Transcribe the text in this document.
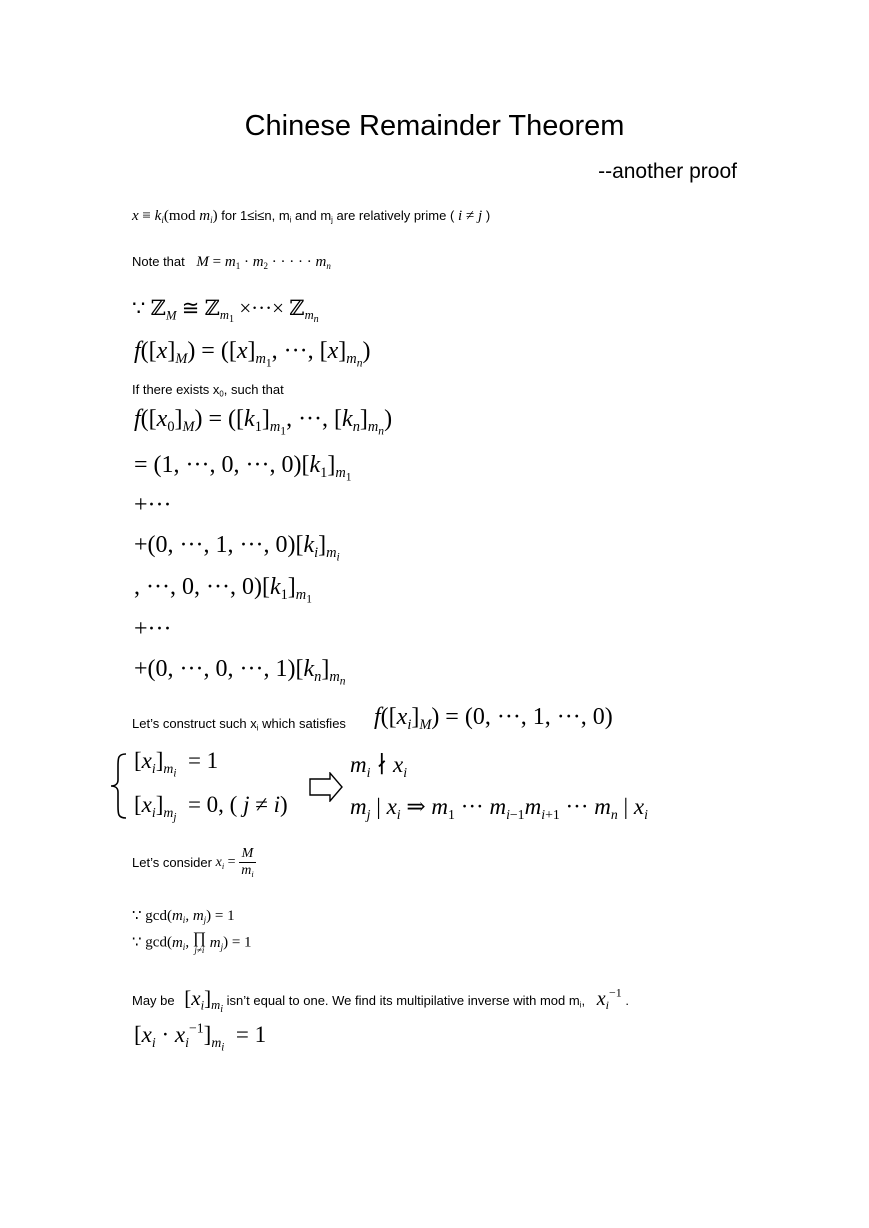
Chinese Remainder Theorem
--another proof
$x \equiv k_i(mod$ $m_i$) for 1≤i≤n, $m_i$ and $m_j$ are relatively prime ( i ≠ j )
Note that $M = m_1 \cdot m_2$ · · · · · $m_n$
∵ ℤ$_M$ ≅ ℤ$_{m_1}$ ×···× ℤ$_{m_n}$
$f([x]_M) = ([x]_{m_1}$, ···, $[x]_{m_n}$)
If there exists $x_0$, such that
$f([x_0]_M) = ([k_1]_{m_1}$, ···, $[k_n]_{m_n}$)
= (1, ···, 0, ···, $0)[k_1]_{m_1}$
+···
+(0, ···, 1, ···, $0)[k_i]_{m_i}$
, ···, 0, ···, $0)[k_1]_{m_1}$
+···
+(0, ···, 0, ···, $1)[k_n]_{m_n}$
Let’s construct such $x_i$ which satisfies $f([x_i]_M) = (0$, ···, 1, ···, 0)
$[x_i]_{m_i} = 1$
$[x_i]_{m_j} = 0$, ( j ≠ i)
$m_i$ ∤ $x_i$
$m_j$ | $x_i$ ⇒ $m_1$ ··· $m_{i-1}m_{i+1}$ ··· $m_n$ | $x_i$
Let’s consider $x_i = \frac{M}{m_i}$
∵ $\gcd(m_i$, $m_j) = 1$
∵ $\gcd(m_i$, ∏
j≠i $m_j) = 1$
May be $[x_i]_{m_i}$ isn’t equal to one. We find its multipilative inverse with mod $m_i$, $x_i^{-1}$ .
$[x_i \cdot x_i^{-1}]_{m_i} = 1$
